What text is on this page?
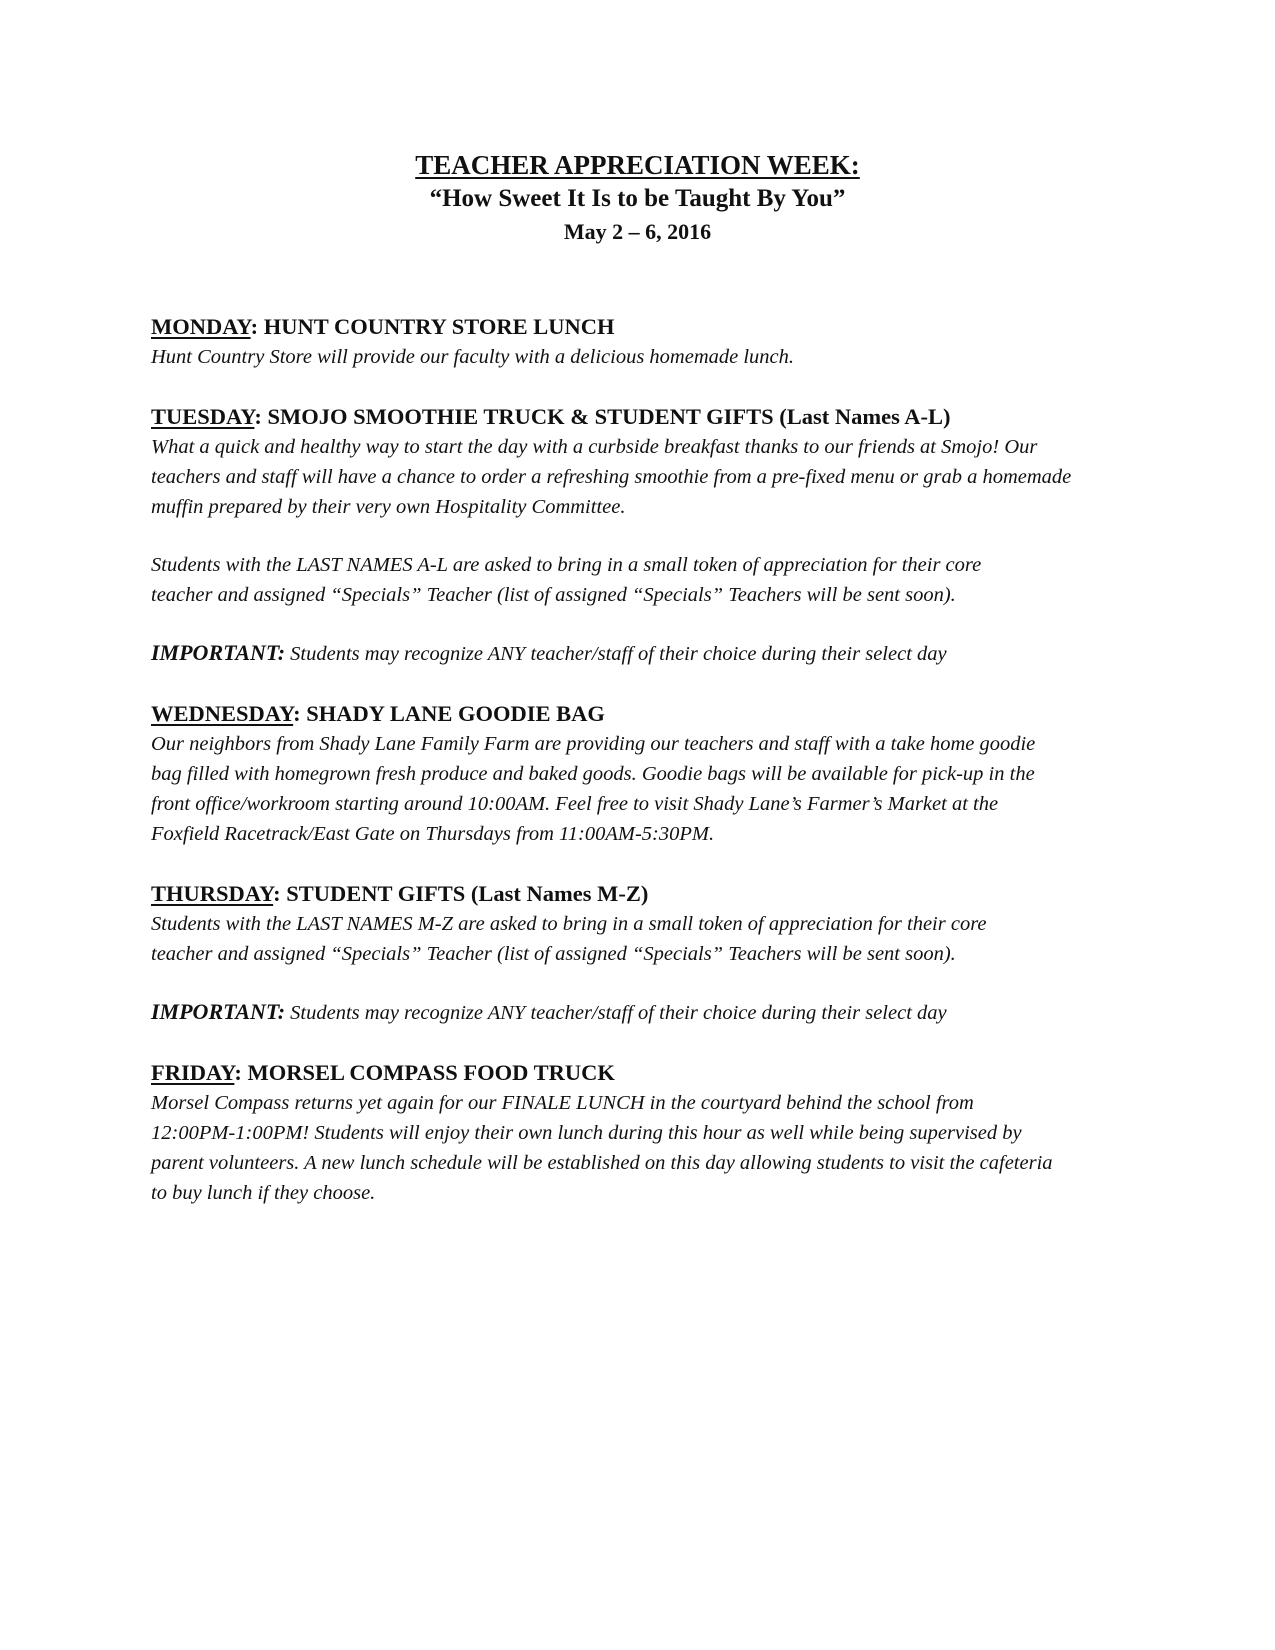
TEACHER APPRECIATION WEEK:

“How Sweet It Is to be Taught By You”

May 2 – 6, 2016

MONDAY: HUNT COUNTRY STORE LUNCH

Hunt Country Store will provide our faculty with a delicious homemade lunch.

TUESDAY: SMOJO SMOOTHIE TRUCK & STUDENT GIFTS (Last Names A-L)

What a quick and healthy way to start the day with a curbside breakfast thanks to our friends at Smojo! Our

teachers and staff will have a chance to order a refreshing smoothie from a pre-fixed menu or grab a homemade

muffin prepared by their very own Hospitality Committee.

Students with the LAST NAMES A-L are asked to bring in a small token of appreciation for their core

teacher and assigned “Specials” Teacher (list of assigned “Specials” Teachers will be sent soon).

IMPORTANT: Students may recognize ANY teacher/staff of their choice during their select day

WEDNESDAY: SHADY LANE GOODIE BAG

Our neighbors from Shady Lane Family Farm are providing our teachers and staff with a take home goodie

bag filled with homegrown fresh produce and baked goods. Goodie bags will be available for pick-up in the

front office/workroom starting around 10:00AM. Feel free to visit Shady Lane’s Farmer’s Market at the

Foxfield Racetrack/East Gate on Thursdays from 11:00AM-5:30PM.

THURSDAY: STUDENT GIFTS (Last Names M-Z)

Students with the LAST NAMES M-Z are asked to bring in a small token of appreciation for their core

teacher and assigned “Specials” Teacher (list of assigned “Specials” Teachers will be sent soon).

IMPORTANT: Students may recognize ANY teacher/staff of their choice during their select day

FRIDAY: MORSEL COMPASS FOOD TRUCK

Morsel Compass returns yet again for our FINALE LUNCH in the courtyard behind the school from

12:00PM-1:00PM! Students will enjoy their own lunch during this hour as well while being supervised by

parent volunteers. A new lunch schedule will be established on this day allowing students to visit the cafeteria

to buy lunch if they choose.
